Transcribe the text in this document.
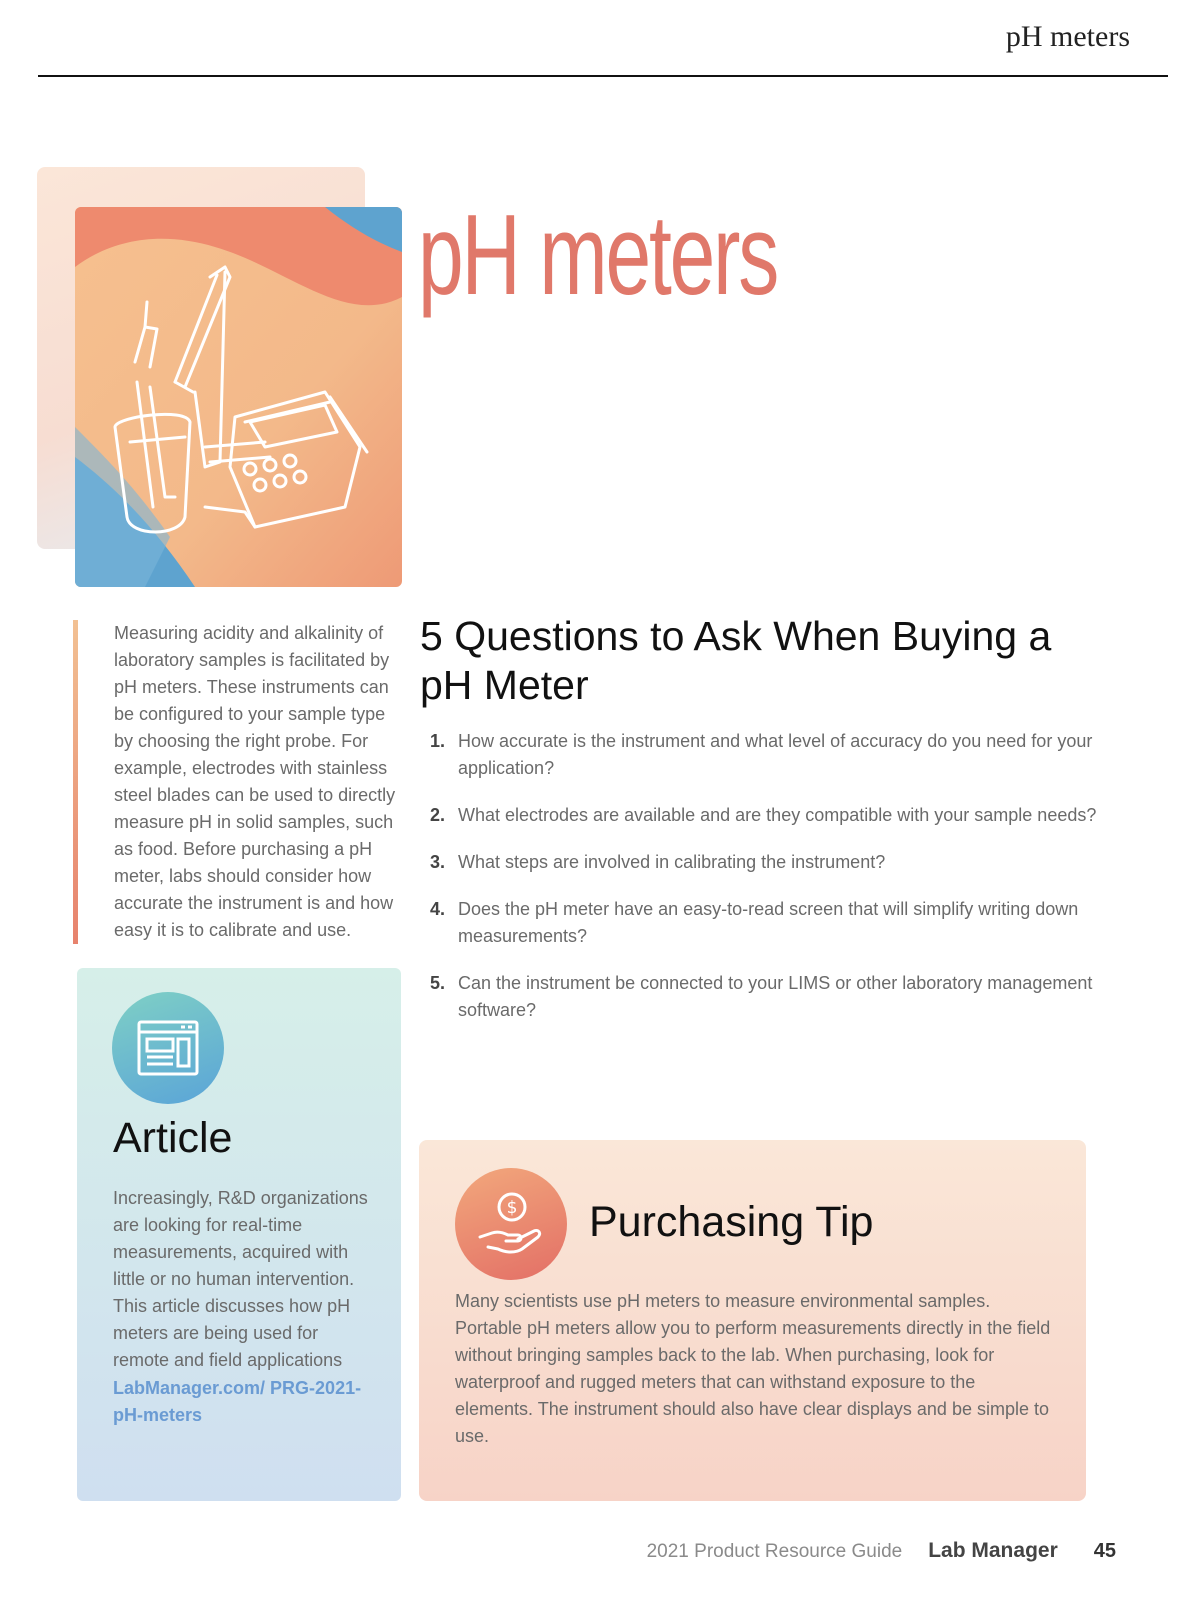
pH meters
pH meters
Measuring acidity and alkalinity of laboratory samples is facilitated by pH meters. These instruments can be configured to your sample type by choosing the right probe. For example, electrodes with stainless steel blades can be used to directly measure pH in solid samples, such as food. Before purchasing a pH meter, labs should consider how accurate the instrument is and how easy it is to calibrate and use.
5 Questions to Ask When Buying a pH Meter
1. How accurate is the instrument and what level of accuracy do you need for your application?
2. What electrodes are available and are they compatible with your sample needs?
3. What steps are involved in calibrating the instrument?
4. Does the pH meter have an easy-to-read screen that will simplify writing down measurements?
5. Can the instrument be connected to your LIMS or other laboratory management software?
Article
Increasingly, R&D organizations are looking for real-time measurements, acquired with little or no human intervention. This article discusses how pH meters are being used for remote and field applications
LabManager.com/ PRG-2021-pH-meters
$ Purchasing Tip
Many scientists use pH meters to measure environmental samples. Portable pH meters allow you to perform measurements directly in the field without bringing samples back to the lab. When purchasing, look for waterproof and rugged meters that can withstand exposure to the elements. The instrument should also have clear displays and be simple to use.
2021 Product Resource Guide Lab Manager 45
